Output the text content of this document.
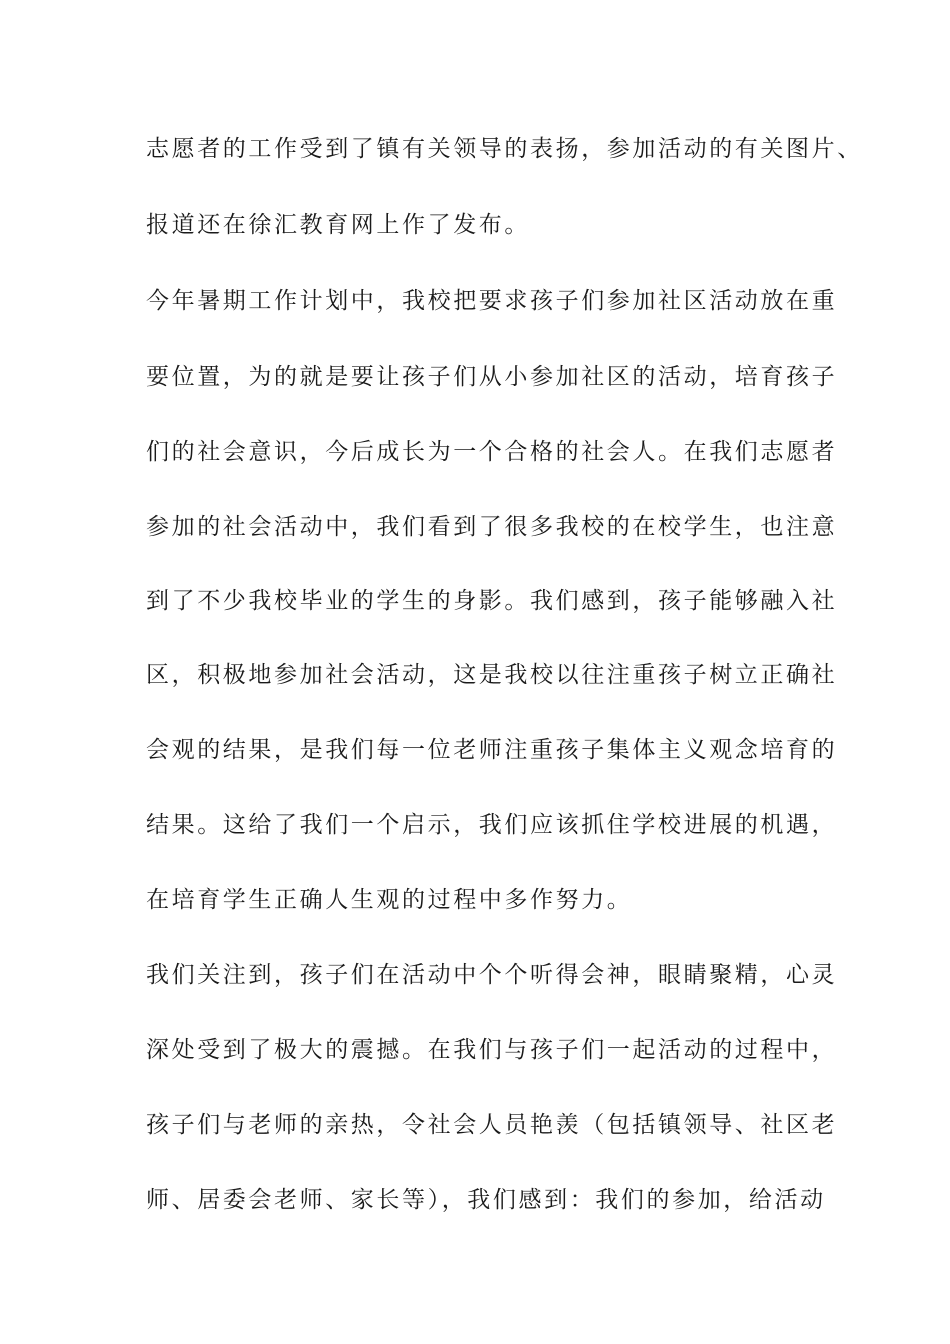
志愿者的工作受到了镇有关领导的表扬，参加活动的有关图片、
报道还在徐汇教育网上作了发布。
今年暑期工作计划中，我校把要求孩子们参加社区活动放在重
要位置，为的就是要让孩子们从小参加社区的活动，培育孩子
们的社会意识，今后成长为一个合格的社会人。在我们志愿者
参加的社会活动中，我们看到了很多我校的在校学生，也注意
到了不少我校毕业的学生的身影。我们感到，孩子能够融入社
区，积极地参加社会活动，这是我校以往注重孩子树立正确社
会观的结果，是我们每一位老师注重孩子集体主义观念培育的
结果。这给了我们一个启示，我们应该抓住学校进展的机遇，
在培育学生正确人生观的过程中多作努力。
我们关注到，孩子们在活动中个个听得会神，眼睛聚精，心灵
深处受到了极大的震撼。在我们与孩子们一起活动的过程中，
孩子们与老师的亲热，令社会人员艳羡（包括镇领导、社区老
师、居委会老师、家长等），我们感到：我们的参加，给活动
